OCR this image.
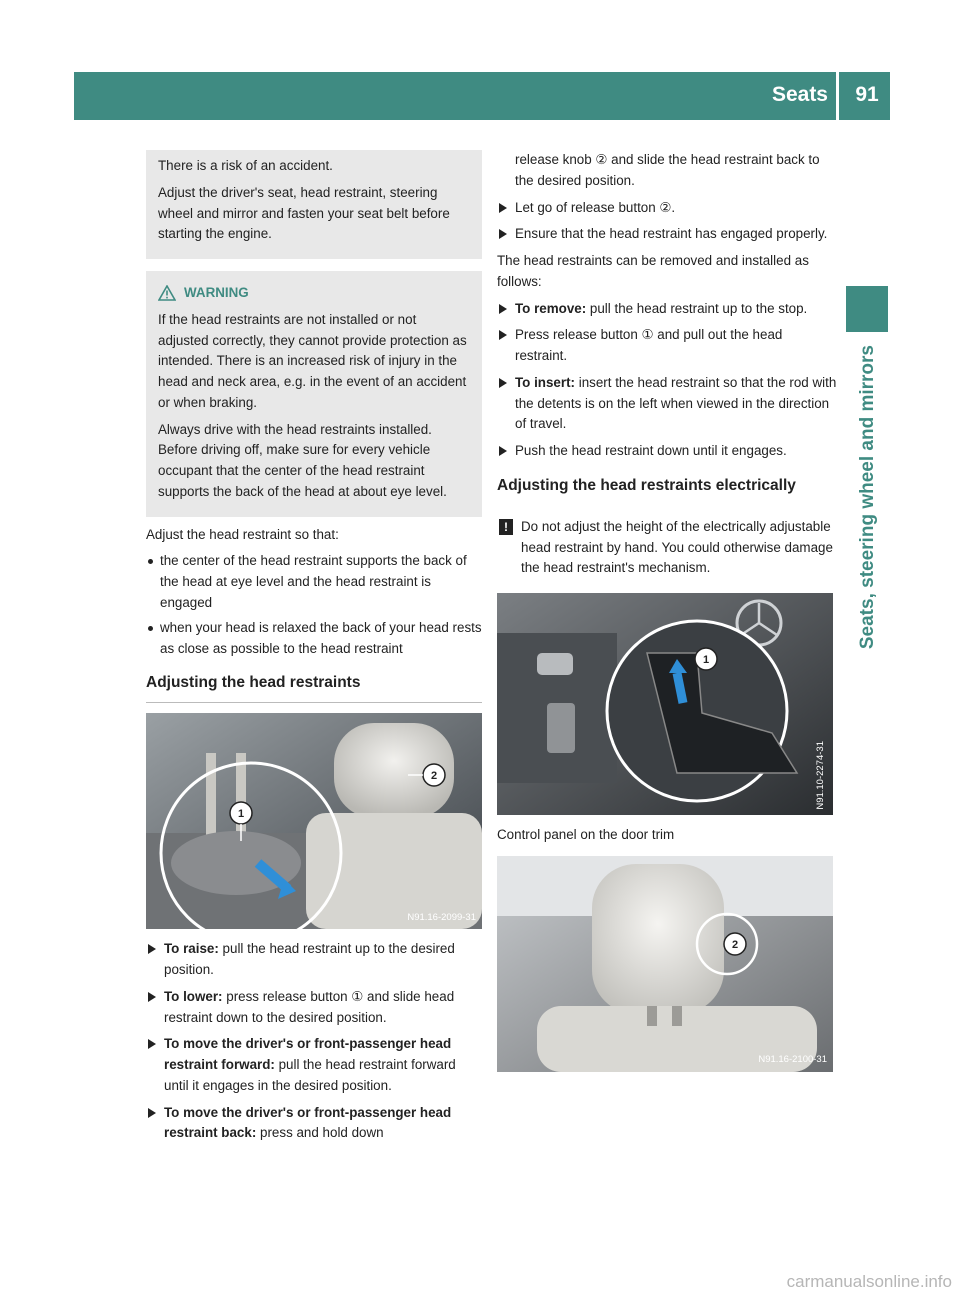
Seats	91
Seats, steering wheel and mirrors

There is a risk of an accident.

Adjust the driver's seat, head restraint, steering wheel and mirror and fasten your seat belt before starting the engine.

WARNING

If the head restraints are not installed or not adjusted correctly, they cannot provide protection as intended. There is an increased risk of injury in the head and neck area, e.g. in the event of an accident or when braking.

Always drive with the head restraints installed. Before driving off, make sure for every vehicle occupant that the center of the head restraint supports the back of the head at about eye level.

Adjust the head restraint so that:

the center of the head restraint supports the back of the head at eye level and the head restraint is engaged
when your head is relaxed the back of your head rests as close as possible to the head restraint
Adjusting the head restraints
1
2
N91.16-2099-31
To raise: pull the head restraint up to the desired position.
To lower: press release button ① and slide head restraint down to the desired position.
To move the driver's or front-passenger head restraint forward: pull the head restraint forward until it engages in the desired position.
To move the driver's or front-passenger head restraint back: press and hold down

release knob ② and slide the head restraint back to the desired position.

Let go of release button ②.
Ensure that the head restraint has engaged properly.

The head restraints can be removed and installed as follows:

To remove: pull the head restraint up to the stop.
Press release button ① and pull out the head restraint.
To insert: insert the head restraint so that the rod with the detents is on the left when viewed in the direction of travel.
Push the head restraint down until it engages.
Adjusting the head restraints electrically
! Do not adjust the height of the electrically adjustable head restraint by hand. You could otherwise damage the head restraint's mechanism.
1
N91.10-2274-31

Control panel on the door trim

2
N91.16-2100-31
carmanualsonline.info
